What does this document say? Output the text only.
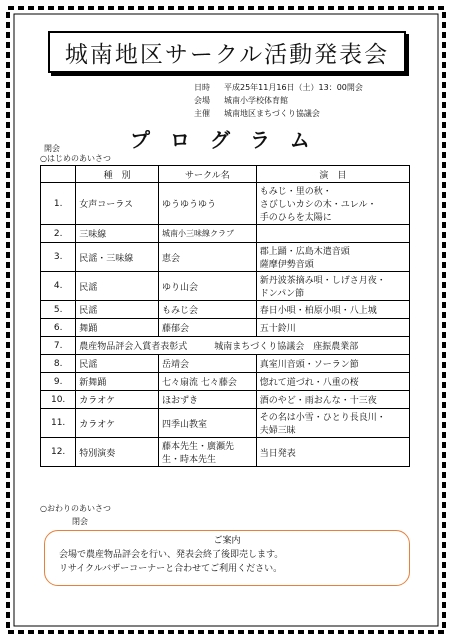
城南地区サークル活動発表会
日時 平成25年11月16日（土）13：00開会
会場 城南小学校体育館
主催 城南地区まちづくり協議会
プログラム
開会
○はじめのあいさつ
	種　別	サークル名	演　目
1.	女声コーラス	ゆうゆうゆう	もみじ・里の秋・
さびしいカシの木・ユレル・
手のひらを太陽に
2.	三味線	城南小三味線クラブ	
3.	民謡・三味線	恵会	郡上踊・広島木遣音頭
薩摩伊勢音頭
4.	民謡	ゆり山会	新丹波茶摘み唄・しげさ月夜・
ドンパン節
5.	民謡	もみじ会	春日小唄・柏原小唄・八上城
6.	舞踊	藤郁会	五十鈴川
7.	農産物品評会入賞者表彰式　　　城南まちづくり協議会　座振農業部		
8.	民謡	岳靖会	真室川音頭・ソーラン節
9.	新舞踊	七々扇流 七々藤会	惚れて道づれ・八重の桜
10.	カラオケ	ほおずき	酒のやど・雨おんな・十三夜
11.	カラオケ	四季山教室	その名は小雪・ひとり長良川・
夫婦三昧
12.	特別演奏	藤本先生・廣瀬先
生・時本先生	当日発表
○おわりのあいさつ
閉会
ご案内
会場で農産物品評会を行い、発表会終了後即売します。
リサイクルバザーコーナーと合わせてご利用ください。
